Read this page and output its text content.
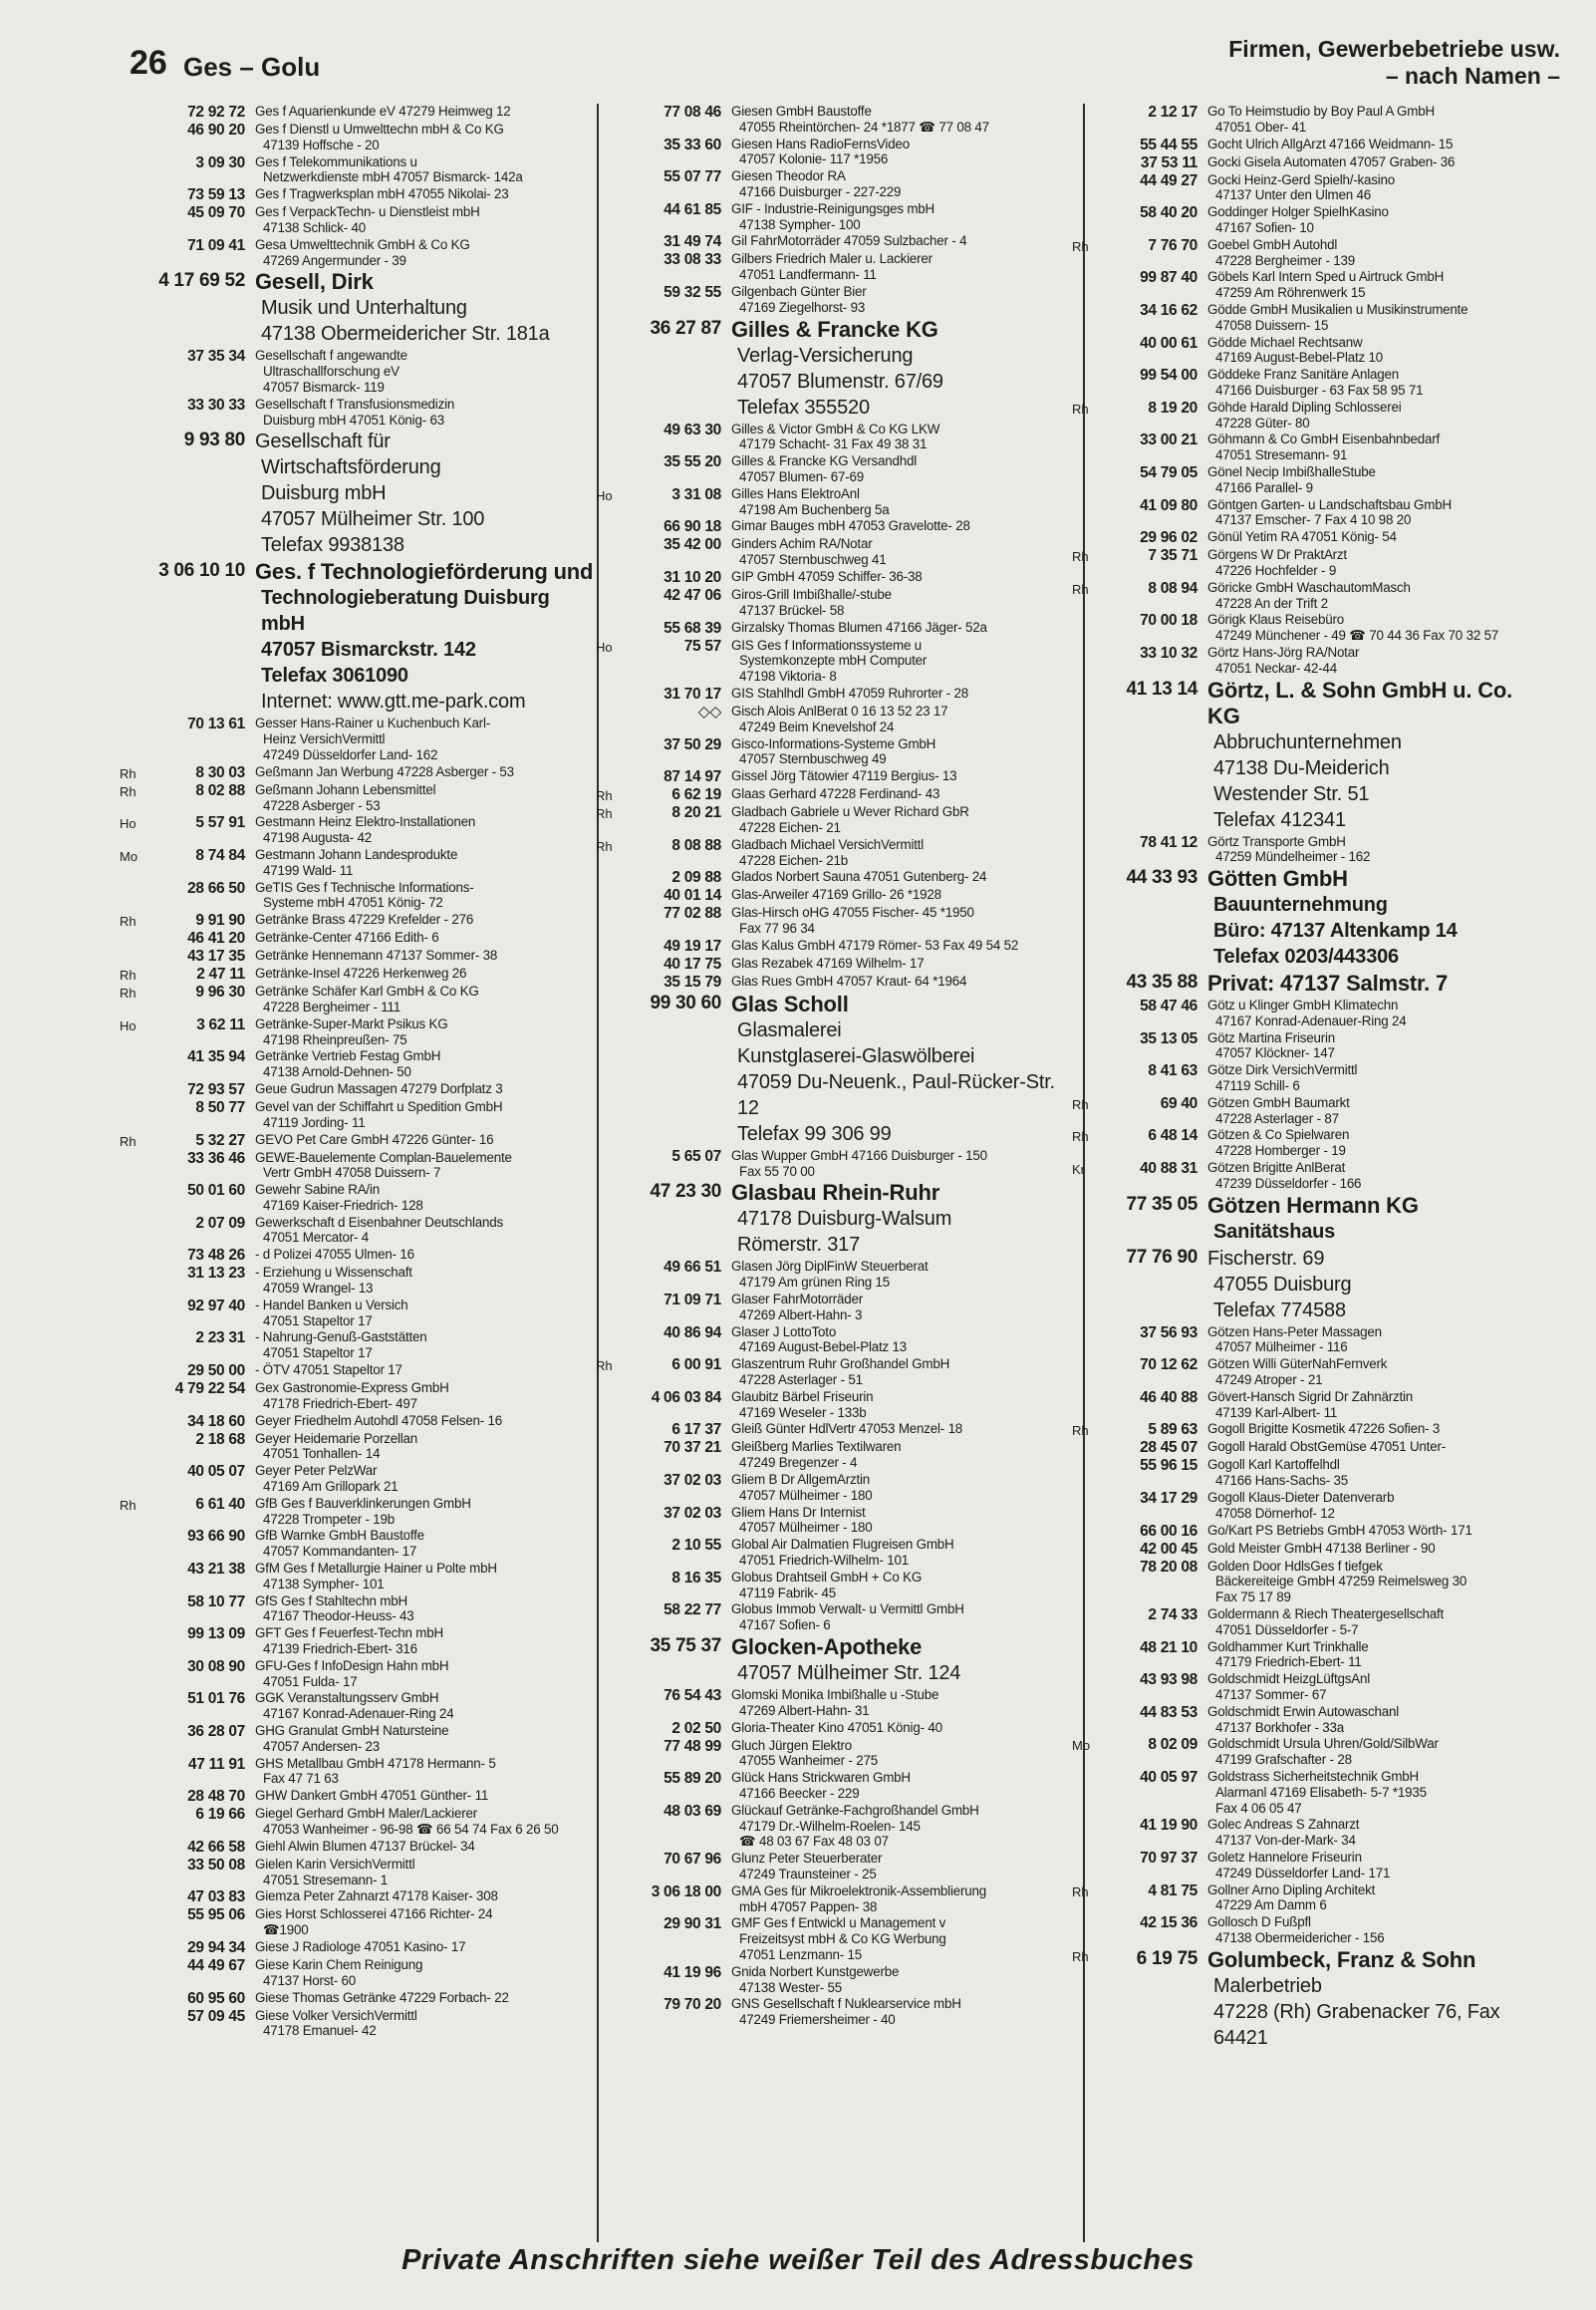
26 Ges – Golu
Firmen, Gewerbebetriebe usw.
– nach Namen –
72 92 72 Ges f Aquarienkunde eV 47279 Heimweg 12
46 90 20 Ges f Dienstl u Umwelttechn mbH & Co KG
47139 Hoffsche - 20
3 09 30 Ges f Telekommunikations u
Netzwerkdienste mbH 47057 Bismarck- 142a
73 59 13 Ges f Tragwerksplan mbH 47055 Nikolai- 23
45 09 70 Ges f VerpackTechn- u Dienstleist mbH
47138 Schlick- 40
71 09 41 Gesa Umwelttechnik GmbH & Co KG
47269 Angermunder - 39
4 17 69 52 Gesell, Dirk
Musik und Unterhaltung
47138 Obermeidericher Str. 181a
37 35 34 Gesellschaft f angewandte
Ultraschallforschung eV
47057 Bismarck- 119
33 30 33 Gesellschaft f Transfusionsmedizin
Duisburg mbH 47051 König- 63
9 93 80 Gesellschaft für
Wirtschaftsförderung
Duisburg mbH
47057 Mülheimer Str. 100
Telefax 9938138
3 06 10 10 Ges. f Technologieförderung und
Technologieberatung Duisburg mbH
47057 Bismarckstr. 142
Telefax 3061090
Internet: www.gtt.me-park.com
70 13 61 Gesser Hans-Rainer u Kuchenbuch Karl-
Heinz VersichVermittl
47249 Düsseldorfer Land- 162
Rh	8 30 03 Geßmann Jan Werbung 47228 Asberger - 53
Rh	8 02 88 Geßmann Johann Lebensmittel
47228 Asberger - 53
Ho	5 57 91 Gestmann Heinz Elektro-Installationen
47198 Augusta- 42
Mo	8 74 84 Gestmann Johann Landesprodukte
47199 Wald- 11
28 66 50 GeTIS Ges f Technische Informations-
Systeme mbH 47051 König- 72
Rh	9 91 90 Getränke Brass 47229 Krefelder - 276
46 41 20 Getränke-Center 47166 Edith- 6
43 17 35 Getränke Hennemann 47137 Sommer- 38
Rh	2 47 11 Getränke-Insel 47226 Herkenweg 26
Rh	9 96 30 Getränke Schäfer Karl GmbH & Co KG
47228 Bergheimer - 111
Ho	3 62 11 Getränke-Super-Markt Psikus KG
47198 Rheinpreußen- 75
41 35 94 Getränke Vertrieb Festag GmbH
47138 Arnold-Dehnen- 50
72 93 57 Geue Gudrun Massagen 47279 Dorfplatz 3
8 50 77 Gevel van der Schiffahrt u Spedition GmbH
47119 Jording- 11
Rh	5 32 27 GEVO Pet Care GmbH 47226 Günter- 16
33 36 46 GEWE-Bauelemente Complan-Bauelemente
Vertr GmbH 47058 Duissern- 7
50 01 60 Gewehr Sabine RA/in
47169 Kaiser-Friedrich- 128
2 07 09 Gewerkschaft d Eisenbahner Deutschlands
47051 Mercator- 4
73 48 26 - d Polizei 47055 Ulmen- 16
31 13 23 - Erziehung u Wissenschaft
47059 Wrangel- 13
92 97 40 - Handel Banken u Versich
47051 Stapeltor 17
2 23 31 - Nahrung-Genuß-Gaststätten
47051 Stapeltor 17
29 50 00 - ÖTV 47051 Stapeltor 17
4 79 22 54 Gex Gastronomie-Express GmbH
47178 Friedrich-Ebert- 497
34 18 60 Geyer Friedhelm Autohdl 47058 Felsen- 16
2 18 68 Geyer Heidemarie Porzellan
47051 Tonhallen- 14
40 05 07 Geyer Peter PelzWar
47169 Am Grillopark 21
Rh	6 61 40 GfB Ges f Bauverklinkerungen GmbH
47228 Trompeter - 19b
93 66 90 GfB Warnke GmbH Baustoffe
47057 Kommandanten- 17
43 21 38 GfM Ges f Metallurgie Hainer u Polte mbH
47138 Sympher- 101
58 10 77 GfS Ges f Stahltechn mbH
47167 Theodor-Heuss- 43
99 13 09 GFT Ges f Feuerfest-Techn mbH
47139 Friedrich-Ebert- 316
30 08 90 GFU-Ges f InfoDesign Hahn mbH
47051 Fulda- 17
51 01 76 GGK Veranstaltungsserv GmbH
47167 Konrad-Adenauer-Ring 24
36 28 07 GHG Granulat GmbH Natursteine
47057 Andersen- 23
47 11 91 GHS Metallbau GmbH 47178 Hermann- 5
Fax 47 71 63
28 48 70 GHW Dankert GmbH 47051 Günther- 11
6 19 66 Giegel Gerhard GmbH Maler/Lackierer
47053 Wanheimer - 96-98 ☎ 66 54 74 Fax 6 26 50
42 66 58 Giehl Alwin Blumen 47137 Brückel- 34
33 50 08 Gielen Karin VersichVermittl
47051 Stresemann- 1
47 03 83 Giemza Peter Zahnarzt 47178 Kaiser- 308
55 95 06 Gies Horst Schlosserei 47166 Richter- 24
☎1900
29 94 34 Giese J Radiologe 47051 Kasino- 17
44 49 67 Giese Karin Chem Reinigung
47137 Horst- 60
60 95 60 Giese Thomas Getränke 47229 Forbach- 22
57 09 45 Giese Volker VersichVermittl
47178 Emanuel- 42
77 08 46 Giesen GmbH Baustoffe
47055 Rheintörchen- 24 *1877 ☎ 77 08 47
35 33 60 Giesen Hans RadioFernsVideo
47057 Kolonie- 117 *1956
55 07 77 Giesen Theodor RA
47166 Duisburger - 227-229
44 61 85 GIF - Industrie-Reinigungsges mbH
47138 Sympher- 100
31 49 74 Gil FahrMotorräder 47059 Sulzbacher - 4
33 08 33 Gilbers Friedrich Maler u. Lackierer
47051 Landfermann- 11
59 32 55 Gilgenbach Günter Bier
47169 Ziegelhorst- 93
36 27 87 Gilles & Francke KG
Verlag-Versicherung
47057 Blumenstr. 67/69
Telefax 355520
49 63 30 Gilles & Victor GmbH & Co KG LKW
47179 Schacht- 31 Fax 49 38 31
35 55 20 Gilles & Francke KG Versandhdl
47057 Blumen- 67-69
Ho	3 31 08 Gilles Hans ElektroAnl
47198 Am Buchenberg 5a
66 90 18 Gimar Bauges mbH 47053 Gravelotte- 28
35 42 00 Ginders Achim RA/Notar
47057 Sternbuschweg 41
31 10 20 GIP GmbH 47059 Schiffer- 36-38
42 47 06 Giros-Grill Imbißhalle/-stube
47137 Brückel- 58
55 68 39 Girzalsky Thomas Blumen 47166 Jäger- 52a
Ho	75 57 GIS Ges f Informationssysteme u
Systemkonzepte mbH Computer
47198 Viktoria- 8
31 70 17 GIS Stahlhdl GmbH 47059 Ruhrorter - 28
◇◇ Gisch Alois AnlBerat 0 16 13 52 23 17
47249 Beim Knevelshof 24
37 50 29 Gisco-Informations-Systeme GmbH
47057 Sternbuschweg 49
87 14 97 Gissel Jörg Tätowier 47119 Bergius- 13
Rh	6 62 19 Glaas Gerhard 47228 Ferdinand- 43
Rh	8 20 21 Gladbach Gabriele u Wever Richard GbR
47228 Eichen- 21
Rh	8 08 88 Gladbach Michael VersichVermittl
47228 Eichen- 21b
2 09 88 Glados Norbert Sauna 47051 Gutenberg- 24
40 01 14 Glas-Arweiler 47169 Grillo- 26 *1928
77 02 88 Glas-Hirsch oHG 47055 Fischer- 45 *1950
Fax 77 96 34
49 19 17 Glas Kalus GmbH 47179 Römer- 53 Fax 49 54 52
40 17 75 Glas Rezabek 47169 Wilhelm- 17
35 15 79 Glas Rues GmbH 47057 Kraut- 64 *1964
99 30 60 Glas Scholl
Glasmalerei
Kunstglaserei-Glaswölberei
47059 Du-Neuenk., Paul-Rücker-Str. 12
Telefax 99 306 99
5 65 07 Glas Wupper GmbH 47166 Duisburger - 150
Fax 55 70 00
47 23 30 Glasbau Rhein-Ruhr
47178 Duisburg-Walsum
Römerstr. 317
49 66 51 Glasen Jörg DiplFinW Steuerberat
47179 Am grünen Ring 15
71 09 71 Glaser FahrMotorräder
47269 Albert-Hahn- 3
40 86 94 Glaser J LottoToto
47169 August-Bebel-Platz 13
Rh	6 00 91 Glaszentrum Ruhr Großhandel GmbH
47228 Asterlager - 51
4 06 03 84 Glaubitz Bärbel Friseurin
47169 Weseler - 133b
6 17 37 Gleiß Günter HdlVertr 47053 Menzel- 18
70 37 21 Gleißberg Marlies Textilwaren
47249 Bregenzer - 4
37 02 03 Gliem B Dr AllgemArztin
47057 Mülheimer - 180
37 02 03 Gliem Hans Dr Internist
47057 Mülheimer - 180
2 10 55 Global Air Dalmatien Flugreisen GmbH
47051 Friedrich-Wilhelm- 101
8 16 35 Globus Drahtseil GmbH + Co KG
47119 Fabrik- 45
58 22 77 Globus Immob Verwalt- u Vermittl GmbH
47167 Sofien- 6
35 75 37 Glocken-Apotheke
47057 Mülheimer Str. 124
76 54 43 Glomski Monika Imbißhalle u -Stube
47269 Albert-Hahn- 31
2 02 50 Gloria-Theater Kino 47051 König- 40
77 48 99 Gluch Jürgen Elektro
47055 Wanheimer - 275
55 89 20 Glück Hans Strickwaren GmbH
47166 Beecker - 229
48 03 69 Glückauf Getränke-Fachgroßhandel GmbH
47179 Dr.-Wilhelm-Roelen- 145
☎ 48 03 67 Fax 48 03 07
70 67 96 Glunz Peter Steuerberater
47249 Traunsteiner - 25
3 06 18 00 GMA Ges für Mikroelektronik-Assemblierung
mbH 47057 Pappen- 38
29 90 31 GMF Ges f Entwickl u Management v
Freizeitsyst mbH & Co KG Werbung
47051 Lenzmann- 15
41 19 96 Gnida Norbert Kunstgewerbe
47138 Wester- 55
79 70 20 GNS Gesellschaft f Nuklearservice mbH
47249 Friemersheimer - 40
2 12 17 Go To Heimstudio by Boy Paul A GmbH
47051 Ober- 41
55 44 55 Gocht Ulrich AllgArzt 47166 Weidmann- 15
37 53 11 Gocki Gisela Automaten 47057 Graben- 36
44 49 27 Gocki Heinz-Gerd Spielh/-kasino
47137 Unter den Ulmen 46
58 40 20 Goddinger Holger SpielhKasino
47167 Sofien- 10
Rh	7 76 70 Goebel GmbH Autohdl
47228 Bergheimer - 139
99 87 40 Göbels Karl Intern Sped u Airtruck GmbH
47259 Am Röhrenwerk 15
34 16 62 Gödde GmbH Musikalien u Musikinstrumente
47058 Duissern- 15
40 00 61 Gödde Michael Rechtsanw
47169 August-Bebel-Platz 10
99 54 00 Göddeke Franz Sanitäre Anlagen
47166 Duisburger - 63 Fax 58 95 71
Rh	8 19 20 Göhde Harald Dipling Schlosserei
47228 Güter- 80
33 00 21 Göhmann & Co GmbH Eisenbahnbedarf
47051 Stresemann- 91
54 79 05 Gönel Necip ImbißhalleStube
47166 Parallel- 9
41 09 80 Göntgen Garten- u Landschaftsbau GmbH
47137 Emscher- 7 Fax 4 10 98 20
29 96 02 Gönül Yetim RA 47051 König- 54
Rh	7 35 71 Görgens W Dr PraktArzt
47226 Hochfelder - 9
Rh	8 08 94 Göricke GmbH WaschautomMasch
47228 An der Trift 2
70 00 18 Görigk Klaus Reisebüro
47249 Münchener - 49 ☎ 70 44 36 Fax 70 32 57
33 10 32 Görtz Hans-Jörg RA/Notar
47051 Neckar- 42-44
41 13 14 Görtz, L. & Sohn GmbH u. Co. KG
Abbruchunternehmen
47138 Du-Meiderich
Westender Str. 51
Telefax 412341
78 41 12 Görtz Transporte GmbH
47259 Mündelheimer - 162
44 33 93 Götten GmbH
Bauunternehmung
Büro: 47137 Altenkamp 14
Telefax 0203/443306
43 35 88 Privat: 47137 Salmstr. 7
58 47 46 Götz u Klinger GmbH Klimatechn
47167 Konrad-Adenauer-Ring 24
35 13 05 Götz Martina Friseurin
47057 Klöckner- 147
8 41 63 Götze Dirk VersichVermittl
47119 Schill- 6
Rh	69 40 Götzen GmbH Baumarkt
47228 Asterlager - 87
Rh	6 48 14 Götzen & Co Spielwaren
47228 Homberger - 19
Kr	40 88 31 Götzen Brigitte AnlBerat
47239 Düsseldorfer - 166
77 35 05 Götzen Hermann KG
Sanitätshaus
77 76 90 Fischerstr. 69
47055 Duisburg
Telefax 774588
37 56 93 Götzen Hans-Peter Massagen
47057 Mülheimer - 116
70 12 62 Götzen Willi GüterNahFernverk
47249 Atroper - 21
46 40 88 Gövert-Hansch Sigrid Dr Zahnärztin
47139 Karl-Albert- 11
Rh	5 89 63 Gogoll Brigitte Kosmetik 47226 Sofien- 3
28 45 07 Gogoll Harald ObstGemüse 47051 Unter-
55 96 15 Gogoll Karl Kartoffelhdl
47166 Hans-Sachs- 35
34 17 29 Gogoll Klaus-Dieter Datenverarb
47058 Dörnerhof- 12
66 00 16 Go/Kart PS Betriebs GmbH 47053 Wörth- 171
42 00 45 Gold Meister GmbH 47138 Berliner - 90
78 20 08 Golden Door HdlsGes f tiefgek
Bäckereiteige GmbH 47259 Reimelsweg 30
Fax 75 17 89
2 74 33 Goldermann & Riech Theatergesellschaft
47051 Düsseldorfer - 5-7
48 21 10 Goldhammer Kurt Trinkhalle
47179 Friedrich-Ebert- 11
43 93 98 Goldschmidt HeizgLüftgsAnl
47137 Sommer- 67
44 83 53 Goldschmidt Erwin Autowaschanl
47137 Borkhofer - 33a
Mo	8 02 09 Goldschmidt Ursula Uhren/Gold/SilbWar
47199 Grafschafter - 28
40 05 97 Goldstrass Sicherheitstechnik GmbH
Alarmanl 47169 Elisabeth- 5-7 *1935
Fax 4 06 05 47
41 19 90 Golec Andreas S Zahnarzt
47137 Von-der-Mark- 34
70 97 37 Goletz Hannelore Friseurin
47249 Düsseldorfer Land- 171
Rh	4 81 75 Gollner Arno Dipling Architekt
47229 Am Damm 6
42 15 36 Gollosch D Fußpfl
47138 Obermeidericher - 156
Rh	6 19 75 Golumbeck, Franz & Sohn
Malerbetrieb
47228 (Rh) Grabenacker 76, Fax 64421
Private Anschriften siehe weißer Teil des Adressbuches
